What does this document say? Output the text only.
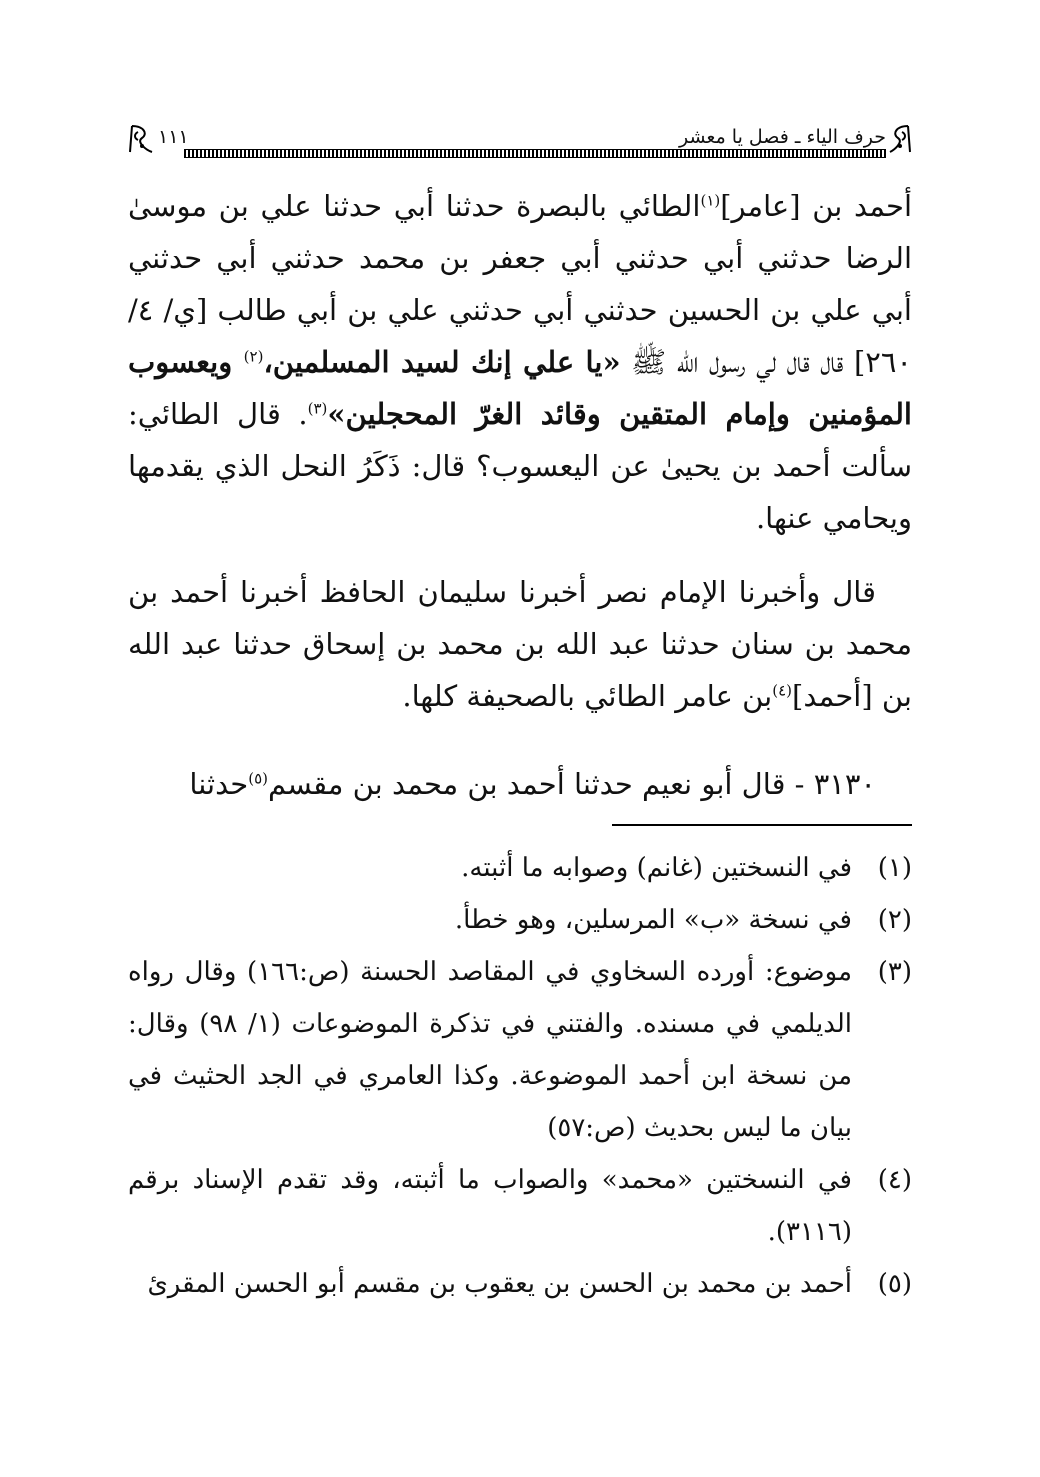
حرف الياء ـ فصل يا معشر
١١١

أحمد بن [عامر]$^{(١)}$الطائي بالبصرة حدثنا أبي حدثنا علي بن موسىٰ الرضا حدثني أبي حدثني أبي جعفر بن محمد حدثني أبي حدثني أبي علي بن الحسين حدثني أبي حدثني علي بن أبي طالب [ي/ ٤/ ٢٦٠] قال قال لي رسول الله ﷺ «يا علي إنك لسيد المسلمين،$^{(٢)}$ ويعسوب المؤمنين وإمام المتقين وقائد الغرّ المحجلين»$^{(٣)}$. قال الطائي: سألت أحمد بن يحيىٰ عن اليعسوب؟ قال: ذَكَرُ النحل الذي يقدمها ويحامي عنها.

قال وأخبرنا الإمام نصر أخبرنا سليمان الحافظ أخبرنا أحمد بن محمد بن سنان حدثنا عبد الله بن محمد بن إسحاق حدثنا عبد الله بن [أحمد]$^{(٤)}$بن عامر الطائي بالصحيفة كلها.

٣١٣٠ - قال أبو نعيم حدثنا أحمد بن محمد بن مقسم$^{(٥)}$حدثنا

(١)
في النسختين (غانم) وصوابه ما أثبته.
(٢)
في نسخة «ب» المرسلين، وهو خطأ.
(٣)
موضوع: أورده السخاوي في المقاصد الحسنة (ص:١٦٦) وقال رواه الديلمي في مسنده. والفتني في تذكرة الموضوعات (١/ ٩٨) وقال: من نسخة ابن أحمد الموضوعة. وكذا العامري في الجد الحثيث في بيان ما ليس بحديث (ص:٥٧)
(٤)
في النسختين «محمد» والصواب ما أثبته، وقد تقدم الإسناد برقم (٣١١٦).
(٥)
أحمد بن محمد بن الحسن بن يعقوب بن مقسم أبو الحسن المقرئ
